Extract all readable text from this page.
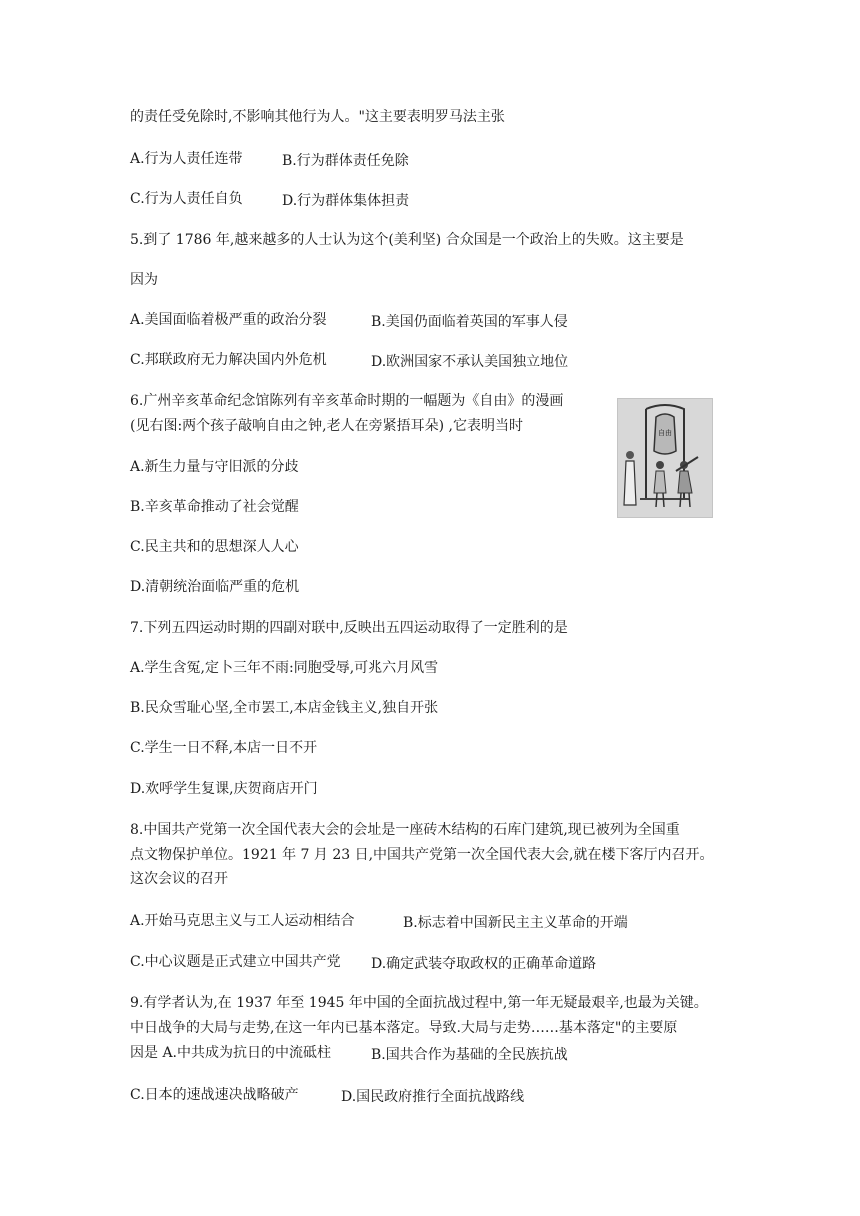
的责任受免除时,不影响其他行为人。"这主要表明罗马法主张
A.行为人责任连带	B.行为群体责任免除
C.行为人责任自负	D.行为群体集体担责
5.到了 1786 年,越来越多的人士认为这个(美利坚) 合众国是一个政治上的失败。这主要是
因为
A.美国面临着极严重的政治分裂	B.美国仍面临着英国的军事人侵
C.邦联政府无力解决国内外危机	D.欧洲国家不承认美国独立地位
6.广州辛亥革命纪念馆陈列有辛亥革命时期的一幅题为《自由》的漫画
(见右图:两个孩子敲响自由之钟,老人在旁紧捂耳朵) ,它表明当时	自由
A.新生力量与守旧派的分歧
B.辛亥革命推动了社会觉醒
C.民主共和的思想深人人心
D.清朝统治面临严重的危机
7.下列五四运动时期的四副对联中,反映出五四运动取得了一定胜利的是
A.学生含冤,定卜三年不雨:同胞受辱,可兆六月风雪
B.民众雪耻心坚,全市罢工,本店金钱主义,独自开张
C.学生一日不释,本店一日不开
D.欢呼学生复课,庆贺商店开门
8.中国共产党第一次全国代表大会的会址是一座砖木结构的石库门建筑,现已被列为全国重
点文物保护单位。1921 年 7 月 23 日,中国共产党第一次全国代表大会,就在楼下客厅内召开。
这次会议的召开
A.开始马克思主义与工人运动相结合	B.标志着中国新民主主义革命的开端
C.中心议题是正式建立中国共产党 D.确定武装夺取政权的正确革命道路
9.有学者认为,在 1937 年至 1945 年中国的全面抗战过程中,第一年无疑最艰辛,也最为关键。
中日战争的大局与走势,在这一年内已基本落定。导致.大局与走势……基本落定"的主要原
因是 A.中共成为抗日的中流砥柱	B.国共合作为基础的全民族抗战
C.日本的速战速决战略破产	D.国民政府推行全面抗战路线
